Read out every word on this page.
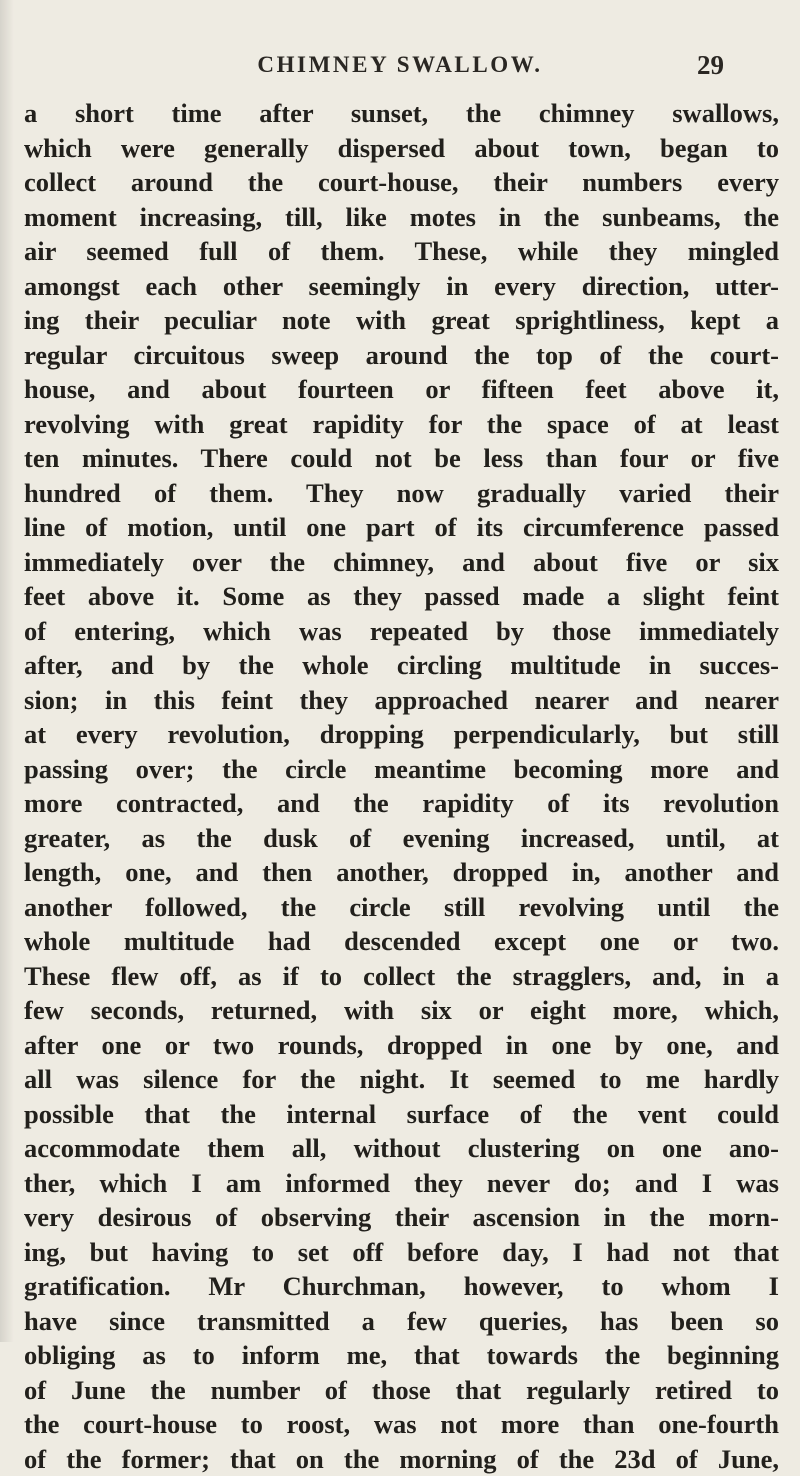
CHIMNEY SWALLOW.	29
a short time after sunset, the chimney swallows,
which were generally dispersed about town, began to
collect around the court-house, their numbers every
moment increasing, till, like motes in the sunbeams, the
air seemed full of them. These, while they mingled
amongst each other seemingly in every direction, utter-
ing their peculiar note with great sprightliness, kept a
regular circuitous sweep around the top of the court-
house, and about fourteen or fifteen feet above it,
revolving with great rapidity for the space of at least
ten minutes. There could not be less than four or five
hundred of them. They now gradually varied their
line of motion, until one part of its circumference passed
immediately over the chimney, and about five or six
feet above it. Some as they passed made a slight feint
of entering, which was repeated by those immediately
after, and by the whole circling multitude in succes-
sion; in this feint they approached nearer and nearer
at every revolution, dropping perpendicularly, but still
passing over; the circle meantime becoming more and
more contracted, and the rapidity of its revolution
greater, as the dusk of evening increased, until, at
length, one, and then another, dropped in, another and
another followed, the circle still revolving until the
whole multitude had descended except one or two.
These flew off, as if to collect the stragglers, and, in a
few seconds, returned, with six or eight more, which,
after one or two rounds, dropped in one by one, and
all was silence for the night. It seemed to me hardly
possible that the internal surface of the vent could
accommodate them all, without clustering on one ano-
ther, which I am informed they never do; and I was
very desirous of observing their ascension in the morn-
ing, but having to set off before day, I had not that
gratification. Mr Churchman, however, to whom I
have since transmitted a few queries, has been so
obliging as to inform me, that towards the beginning
of June the number of those that regularly retired to
the court-house to roost, was not more than one-fourth
of the former; that on the morning of the 23d of June,
